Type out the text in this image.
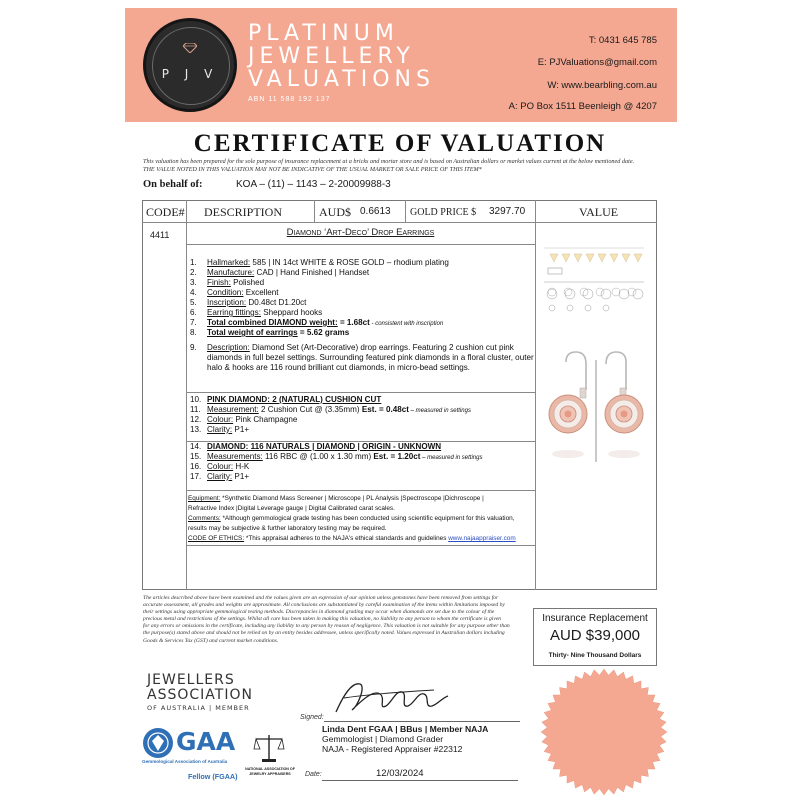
P J V
PLATINUM
JEWELLERY
VALUATIONS
ABN 11 588 192 137
T: 0431 645 785
E: PJValuations@gmail.com
W: www.bearbling.com.au
A: PO Box 1511 Beenleigh @ 4207
CERTIFICATE OF VALUATION
This valuation has been prepared for the sole purpose of insurance replacement at a bricks and mortar store and is based on Australian dollars or market values current at the below mentioned date.
THE VALUE NOTED IN THIS VALUATION MAY NOT BE INDICATIVE OF THE USUAL MARKET OR SALE PRICE OF THIS ITEM*
On behalf of:	KOA – (11) – 1143 – 2-20009988-3
CODE# DESCRIPTION	AUD$ 0.6613 GOLD PRICE $ 3297.70	VALUE
4411	Diamond ‘Art-Deco’ Drop Earrings
1. Hallmarked: 585 | IN 14ct WHITE & ROSE GOLD – rhodium plating
2. Manufacture: CAD | Hand Finished | Handset
3. Finish: Polished
4. Condition: Excellent
5. Inscription: D0.48ct D1.20ct
6. Earring fittings: Sheppard hooks
7. Total combined DIAMOND weight: = 1.68ct - consistent with inscription
8. Total weight of earrings = 5.62 grams
9. Description: Diamond Set (Art-Decorative) drop earrings. Featuring 2 cushion cut pink
diamonds in full bezel settings. Surrounding featured pink diamonds in a floral cluster, outer
halo & hooks are 116 round brilliant cut diamonds, in micro-bead settings.
10. PINK DIAMOND: 2 (NATURAL) CUSHION CUT
11. Measurement: 2 Cushion Cut @ (3.35mm) Est. = 0.48ct – measured in settings
12. Colour: Pink Champagne
13. Clarity: P1+
14. DIAMOND: 116 NATURALS | DIAMOND | ORIGIN - UNKNOWN
15. Measurements: 116 RBC @ (1.00 x 1.30 mm) Est. = 1.20ct – measured in settings
16. Colour: H-K
17. Clarity: P1+
Equipment: *Synthetic Diamond Mass Screener | Microscope | PL Analysis |Spectroscope |Dichroscope |
Refractive Index |Digital Leverage gauge | Digital Calibrated carat scales.
Comments: *Although gemmological grade testing has been conducted using scientific equipment for this valuation,
results may be subjective & further laboratory testing may be required.
CODE OF ETHICS: *This appraisal adheres to the NAJA's ethical standards and guidelines www.najaappraiser.com
The articles described above have been examined and the values given are an expression of our opinion unless gemstones have been removed from settings for
accurate assessment, all grades and weights are approximate. All conclusions are substantiated by careful examination of the items within limitations imposed by
their settings using appropriate gemmological testing methods. Discrepancies in diamond grading may occur when diamonds are set due to the colour of the
precious metal and restrictions of the settings. Whilst all care has been taken in making this valuation, no liability to any person to whom the certificate is given
for any errors or omissions in the certificate, including any liability to any person by reason of negligence. This valuation is not suitable for any purpose other than
the purpose(s) stated above and should not be relied on by an entity besides addressee, unless specifically noted. Values expressed in Australian dollars including
Goods & Services Tax (GST) and current market conditions.
Insurance Replacement
AUD $39,000
Thirty- Nine Thousand Dollars
JEWELLERS
ASSOCIATION
OF AUSTRALIA | MEMBER
GAA
Gemmological Association of Australia
Fellow (FGAA)
NATIONAL ASSOCIATION OF
JEWELRY APPRAISERS
Signed:
Linda Dent FGAA | BBus | Member NAJA
Gemmologist | Diamond Grader
NAJA - Registered Appraiser #22312
Date:	12/03/2024
